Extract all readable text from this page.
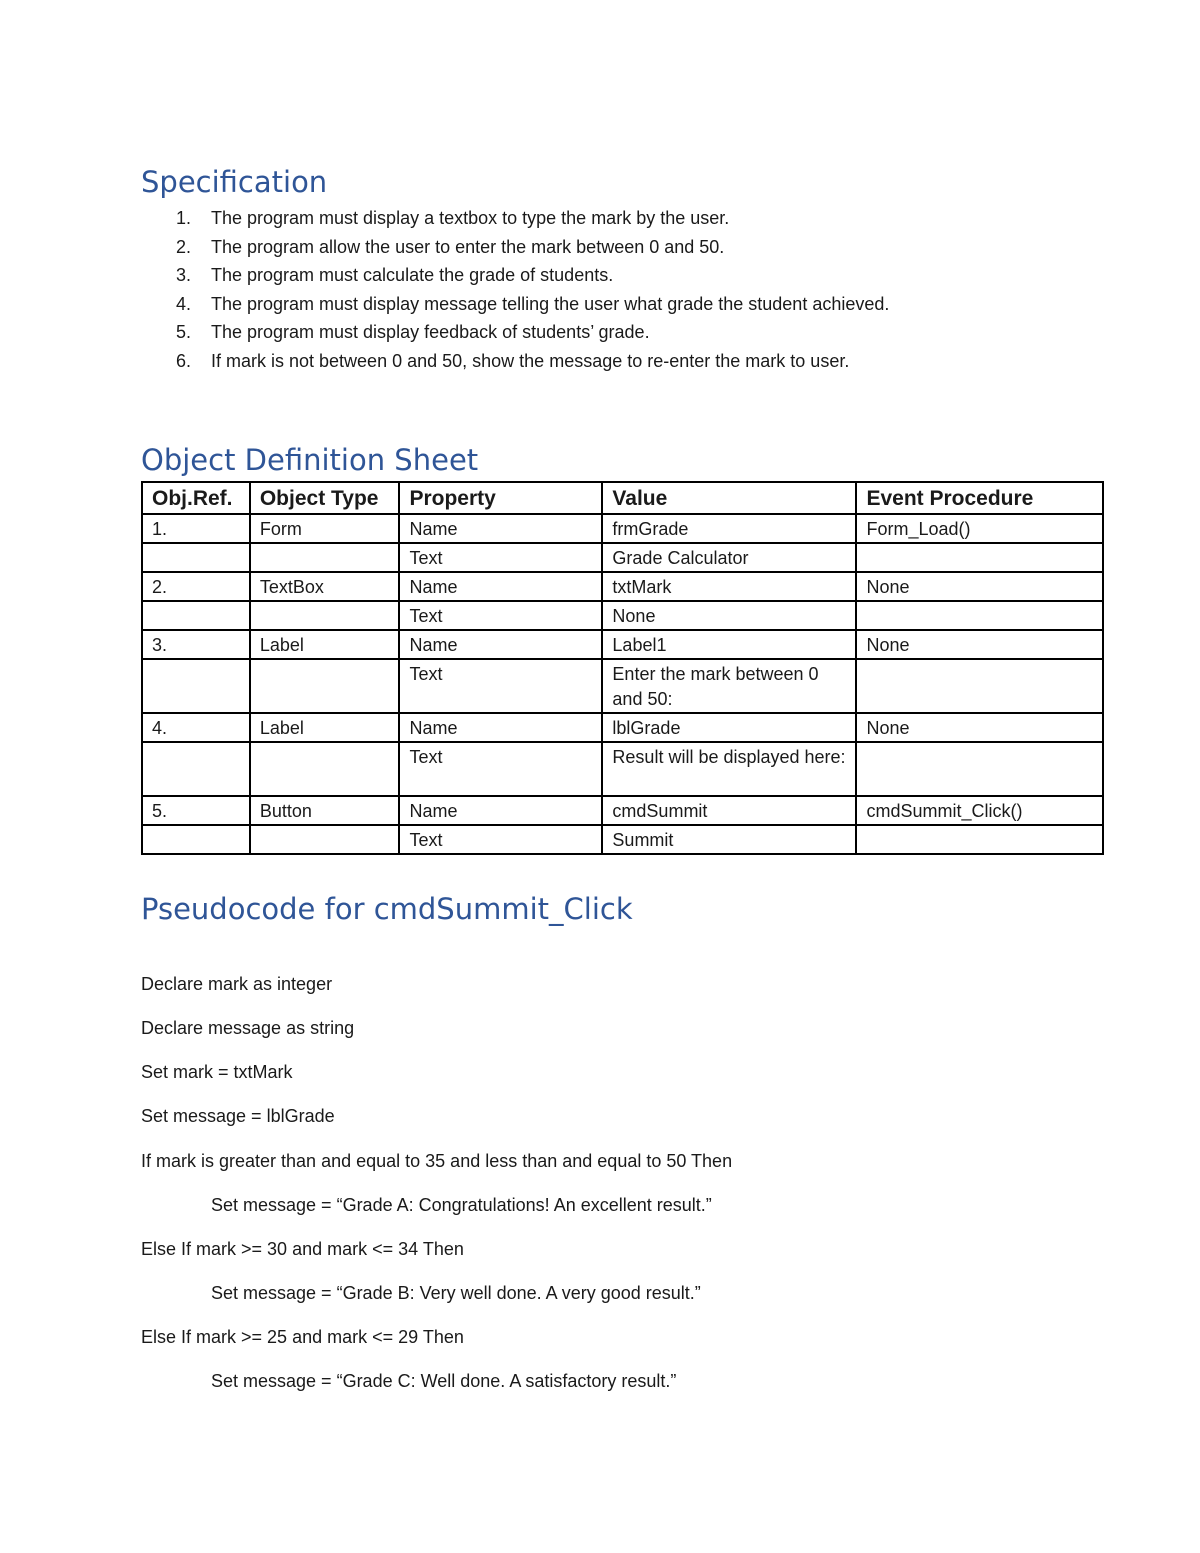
Specification
1. The program must display a textbox to type the mark by the user.
2. The program allow the user to enter the mark between 0 and 50.
3. The program must calculate the grade of students.
4. The program must display message telling the user what grade the student achieved.
5. The program must display feedback of students’ grade.
6. If mark is not between 0 and 50, show the message to re-enter the mark to user.
Object Definition Sheet
Obj.Ref.	Object Type	Property	Value	Event Procedure
1.	Form	Name	frmGrade	Form_Load()
		Text	Grade Calculator	
2.	TextBox	Name	txtMark	None
		Text	None	
3.	Label	Name	Label1	None
		Text	Enter the mark between 0 and 50:	
4.	Label	Name	lblGrade	None
		Text	Result will be displayed here:	
5.	Button	Name	cmdSummit	cmdSummit_Click()
		Text	Summit	
Pseudocode for cmdSummit_Click

Declare mark as integer

Declare message as string

Set mark = txtMark

Set message = lblGrade

If mark is greater than and equal to 35 and less than and equal to 50 Then

Set message = “Grade A: Congratulations! An excellent result.”

Else If mark >= 30 and mark <= 34 Then

Set message = “Grade B: Very well done. A very good result.”

Else If mark >= 25 and mark <= 29 Then

Set message = “Grade C: Well done. A satisfactory result.”
